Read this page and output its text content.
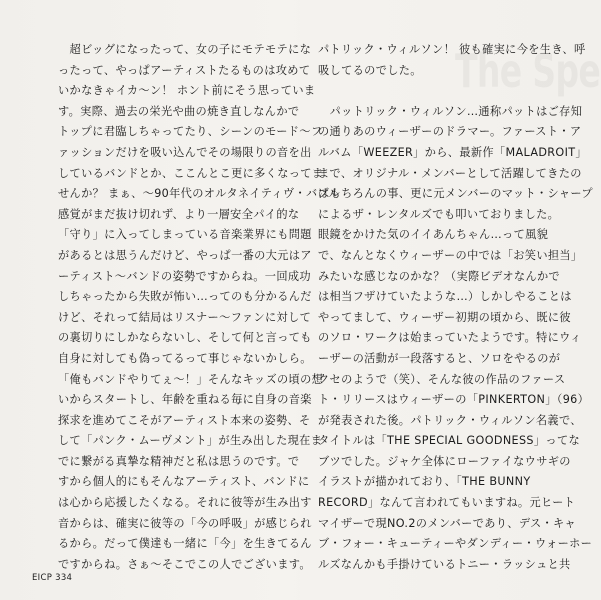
　超ビッグになったって、女の子にモテモテにな
ったって、やっぱアーティストたるものは攻めて
いかなきゃイカ～ン！ ホント前にそう思っていま
す。実際、過去の栄光や曲の焼き直しなんかで
トップに君臨しちゃってたり、シーンのモード～フ
ァッションだけを吸い込んでその場限りの音を出
しているバンドとか、ここんとこ更に多くなってま
せんか？ まぁ、～90年代のオルタネイティヴ・バブル
感覚がまだ抜け切れず、より一層安全パイ的な
「守り」に入ってしまっている音楽業界にも問題
があるとは思うんだけど、やっぱ一番の大元はア
ーティスト～バンドの姿勢ですからね。一回成功
しちゃったから失敗が怖い…ってのも分かるんだ
けど、それって結局はリスナー～ファンに対して
の裏切りにしかならないし、そして何と言っても
自身に対しても偽ってるって事じゃないかしら。
「俺もバンドやりてぇ～！」そんなキッズの頃の想
いからスタートし、年齢を重ねる毎に自身の音楽
探求を進めてこそがアーティスト本来の姿勢、そ
して「パンク・ムーヴメント」が生み出した現在ま
でに繋がる真摯な精神だと私は思うのです。で
すから個人的にもそんなアーティスト、バンドに
は心から応援したくなる。それに彼等が生み出す
音からは、確実に彼等の「今の呼吸」が感じられ
るから。だって僕達も一緒に「今」を生きてるん
ですからね。さぁ～そこでこの人でございます。
パトリック・ウィルソン！ 彼も確実に今を生き、呼
吸してるのでした。
　パットリック・ウィルソン…通称パットはご存知
の通りあのウィーザーのドラマー。ファースト・ア
ルバム「WEEZER」から、最新作「MALADROIT」
まで、オリジナル・メンバーとして活躍してきたの
はもちろんの事、更に元メンバーのマット・シャープ
によるザ・レンタルズでも叩いておりました。
眼鏡をかけた気のイイあんちゃん…って風貌
で、なんとなくウィーザーの中では「お笑い担当」
みたいな感じなのかな？（実際ビデオなんかで
は相当フザけていたような…）しかしやることは
やってまして、ウィーザー初期の頃から、既に彼
のソロ・ワークは始まっていたようです。特にウィ
ーザーの活動が一段落すると、ソロをやるのが
クセのようで（笑）、そんな彼の作品のファース
ト・リリースはウィーザーの「PINKERTON」（96）
が発表された後。パトリック・ウィルソン名義で、
タイトルは「THE SPECIAL GOODNESS」ってな
ブツでした。ジャケ全体にローファイなウサギの
イラストが描かれており、「THE BUNNY
RECORD」なんて言われてもいますね。元ヒート
マイザーで現NO.2のメンバーであり、デス・キャ
ブ・フォー・キューティーやダンディー・ウォーホー
ルズなんかも手掛けているトニー・ラッシュと共
EICP 334
